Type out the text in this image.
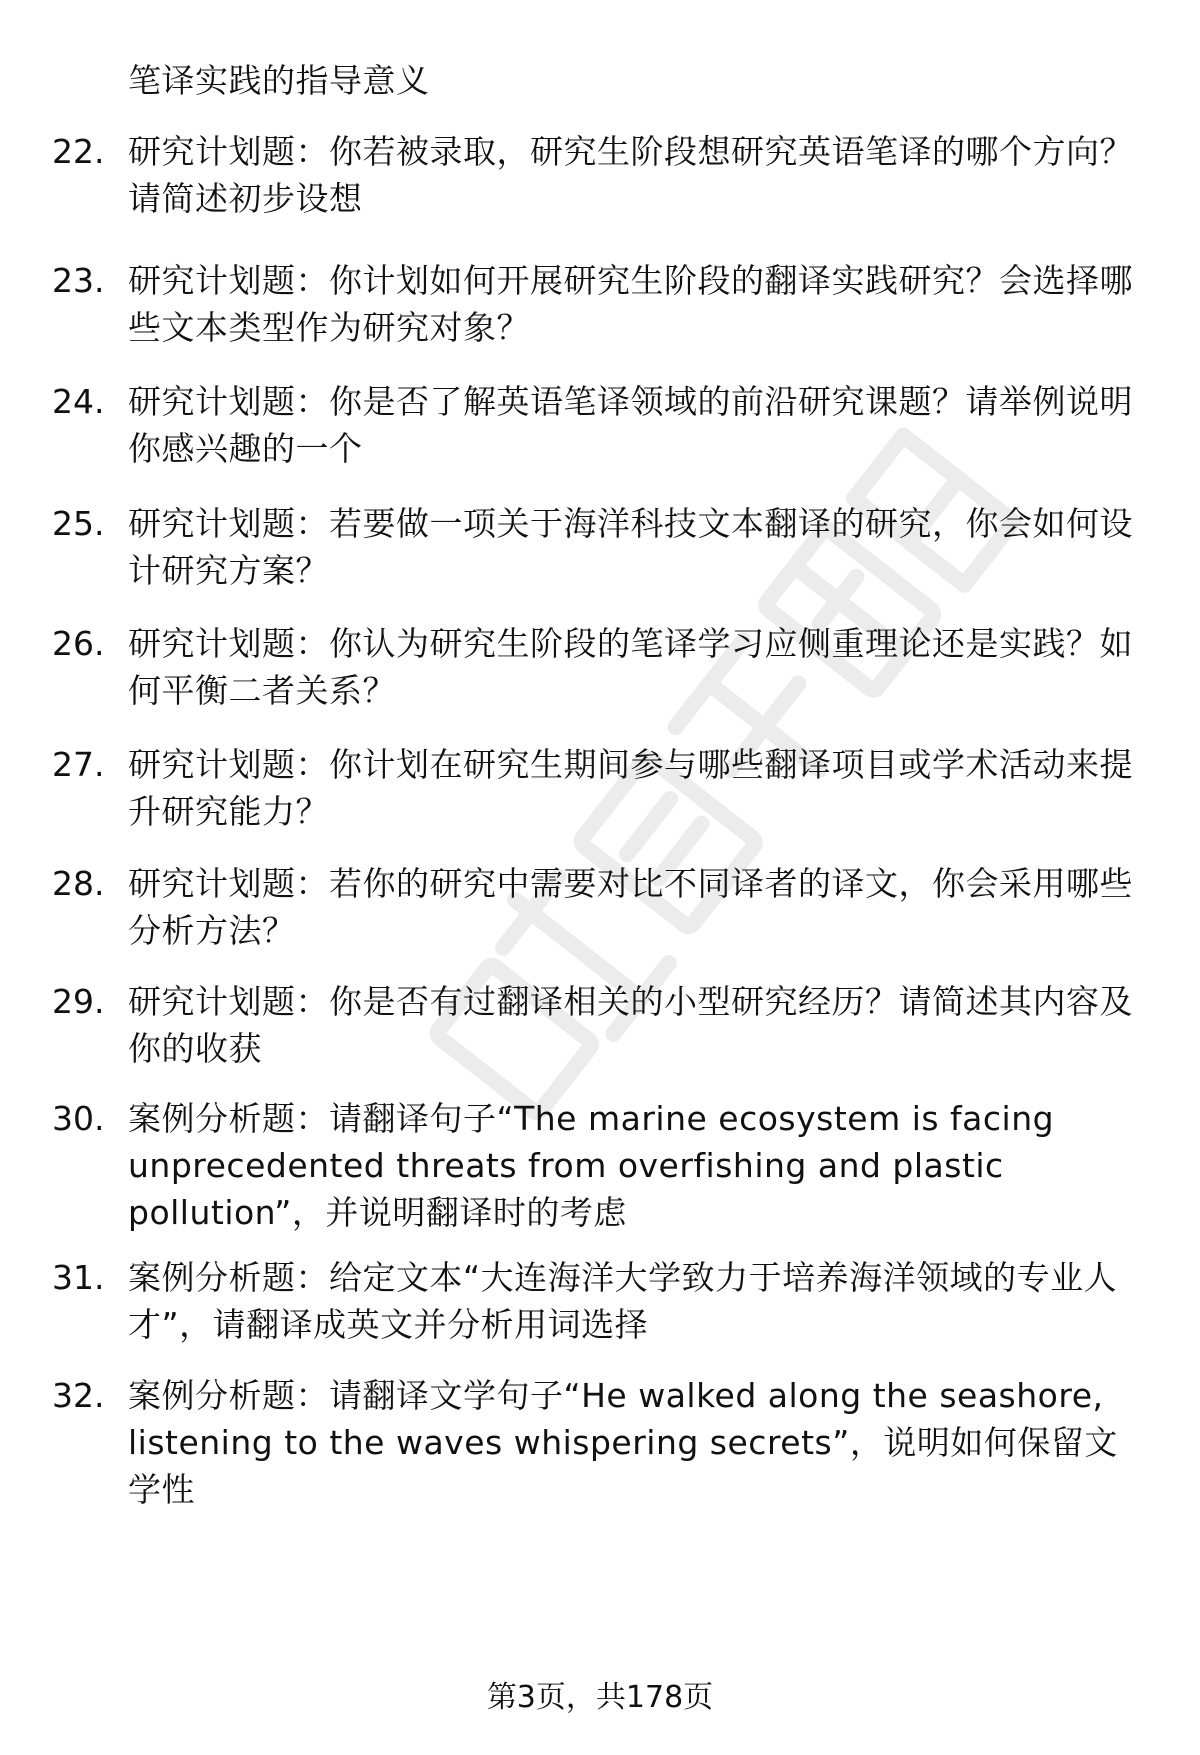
笔译实践的指导意义
22. 研究计划题：你若被录取，研究生阶段想研究英语笔译的哪个方向？请简述初步设想
23. 研究计划题：你计划如何开展研究生阶段的翻译实践研究？会选择哪些文本类型作为研究对象？
24. 研究计划题：你是否了解英语笔译领域的前沿研究课题？请举例说明你感兴趣的一个
25. 研究计划题：若要做一项关于海洋科技文本翻译的研究，你会如何设计研究方案？
26. 研究计划题：你认为研究生阶段的笔译学习应侧重理论还是实践？如何平衡二者关系？
27. 研究计划题：你计划在研究生期间参与哪些翻译项目或学术活动来提升研究能力？
28. 研究计划题：若你的研究中需要对比不同译者的译文，你会采用哪些分析方法？
29. 研究计划题：你是否有过翻译相关的小型研究经历？请简述其内容及你的收获
30. 案例分析题：请翻译句子“The marine ecosystem is facing unprecedented threats from overfishing and plastic pollution”，并说明翻译时的考虑
31. 案例分析题：给定文本“大连海洋大学致力于培养海洋领域的专业人才”，请翻译成英文并分析用词选择
32. 案例分析题：请翻译文学句子“He walked along the seashore, listening to the waves whispering secrets”，说明如何保留文学性
第3页，共178页
